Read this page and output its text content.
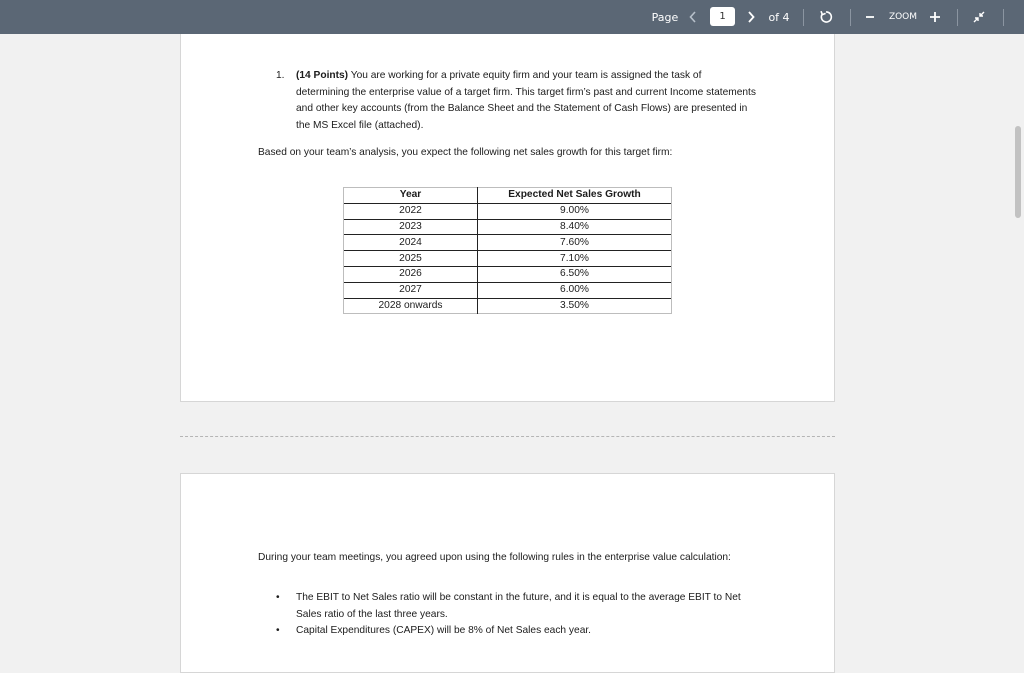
Page	1	of 4	ZOOM
1. (14 Points) You are working for a private equity firm and your team is assigned the task of determining the enterprise value of a target firm. This target firm’s past and current Income statements and other key accounts (from the Balance Sheet and the Statement of Cash Flows) are presented in the MS Excel file (attached).
Based on your team’s analysis, you expect the following net sales growth for this target firm:
Year	Expected Net Sales Growth
2022	9.00%
2023	8.40%
2024	7.60%
2025	7.10%
2026	6.50%
2027	6.00%
2028 onwards	3.50%
During your team meetings, you agreed upon using the following rules in the enterprise value calculation:
• The EBIT to Net Sales ratio will be constant in the future, and it is equal to the average EBIT to Net Sales ratio of the last three years.
• Capital Expenditures (CAPEX) will be 8% of Net Sales each year.
